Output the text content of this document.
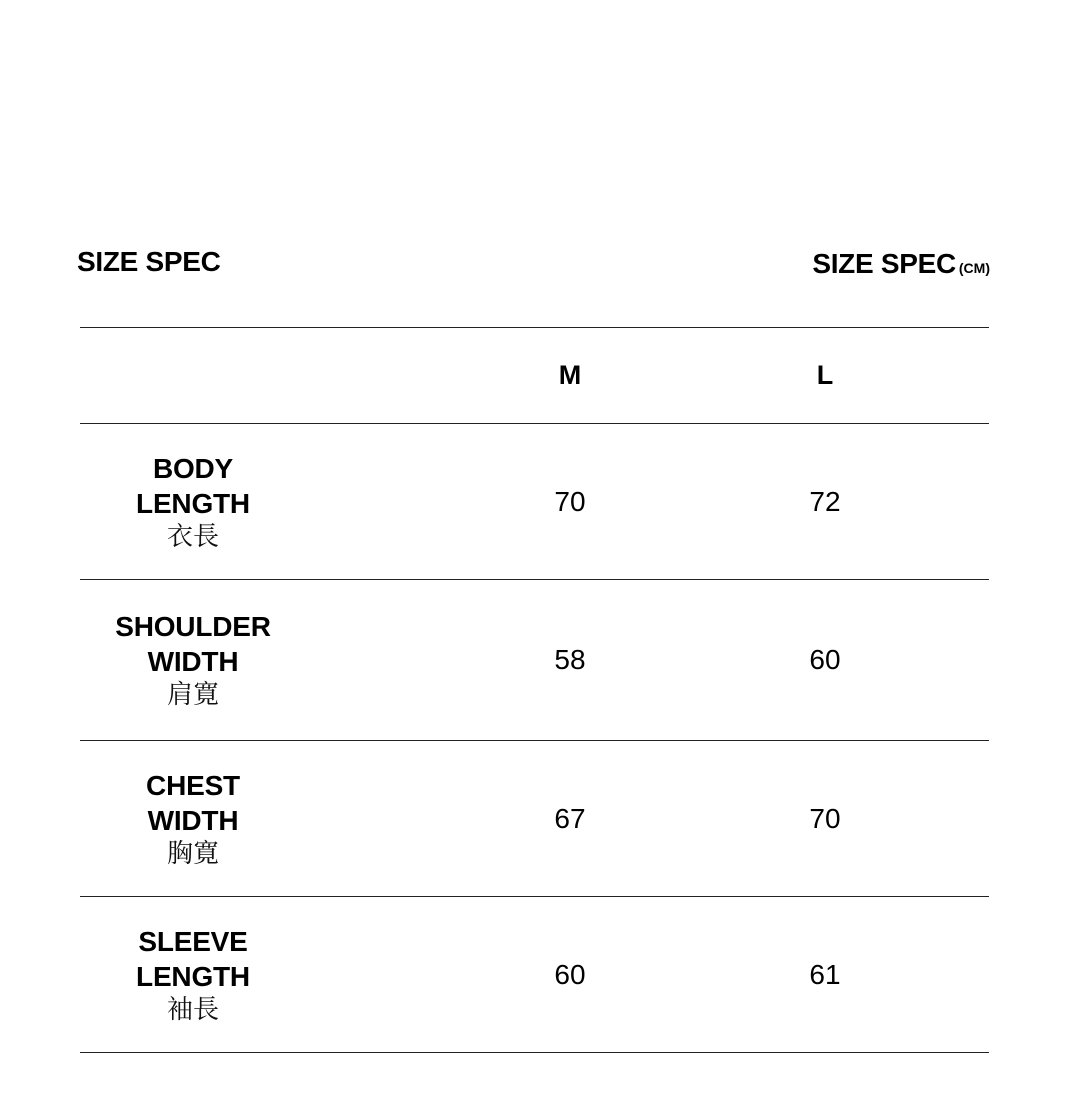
SIZE SPEC	SIZE SPEC (CM)
M	L
BODY
LENGTH
衣長
70	72
SHOULDER
WIDTH
肩寛
58	60
CHEST
WIDTH
胸寛
67	70
SLEEVE
LENGTH
袖長
60	61
